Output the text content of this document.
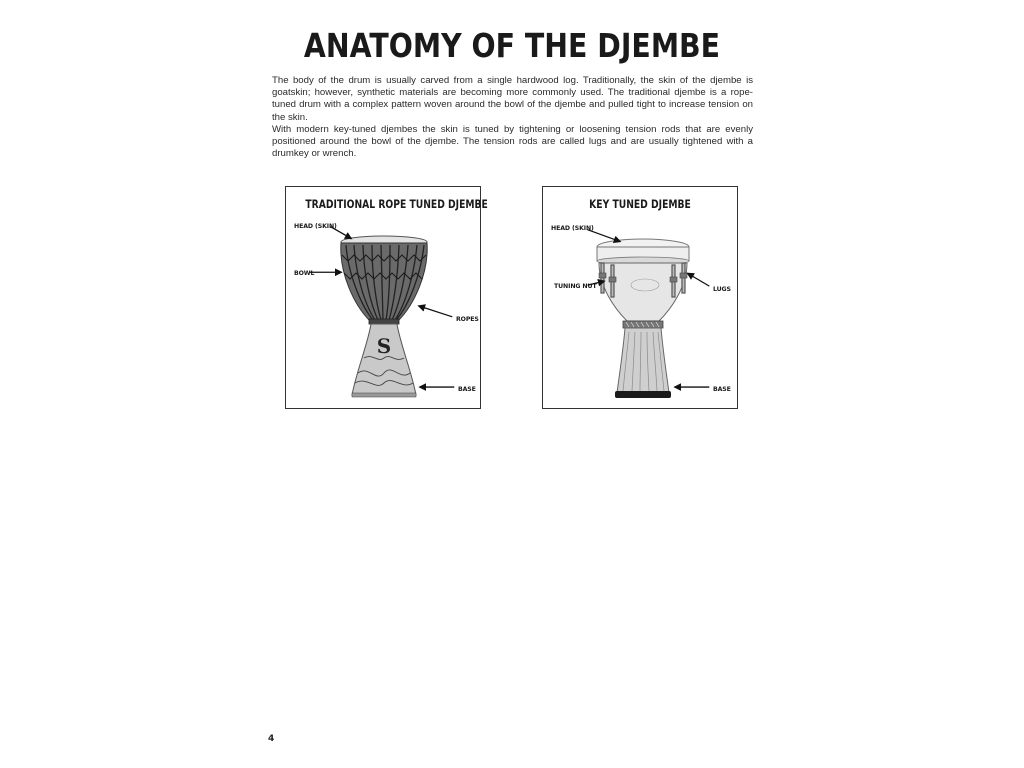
ANATOMY OF THE DJEMBE

The body of the drum is usually carved from a single hardwood log. Traditionally, the skin of the djembe is goatskin; however, synthetic materials are becoming more commonly used. The traditional djembe is a rope-tuned drum with a complex pattern woven around the bowl of the djembe and pulled tight to increase tension on the skin.

With modern key-tuned djembes the skin is tuned by tightening or loosening tension rods that are evenly positioned around the bowl of the djembe. The tension rods are called lugs and are usually tightened with a drumkey or wrench.

TRADITIONAL ROPE TUNED DJEMBE
S
HEAD (SKIN)
BOWL
ROPES
BASE
KEY TUNED DJEMBE
HEAD (SKIN)
TUNING NUT	LUGS
BASE
4
